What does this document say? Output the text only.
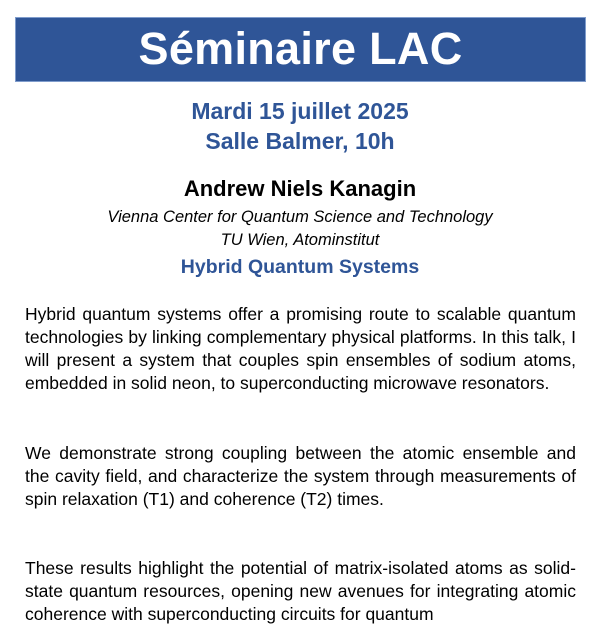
Séminaire LAC
Mardi 15 juillet 2025
Salle Balmer, 10h
Andrew Niels Kanagin
Vienna Center for Quantum Science and Technology
TU Wien, Atominstitut
Hybrid Quantum Systems

Hybrid quantum systems offer a promising route to scalable quantum technologies by linking complementary physical platforms. In this talk, I will present a system that couples spin ensembles of sodium atoms, embedded in solid neon, to superconducting microwave resonators.

We demonstrate strong coupling between the atomic ensemble and the cavity field, and characterize the system through measurements of spin relaxation (T1) and coherence (T2) times.

These results highlight the potential of matrix-isolated atoms as solid-state quantum resources, opening new avenues for integrating atomic coherence with superconducting circuits for quantum
